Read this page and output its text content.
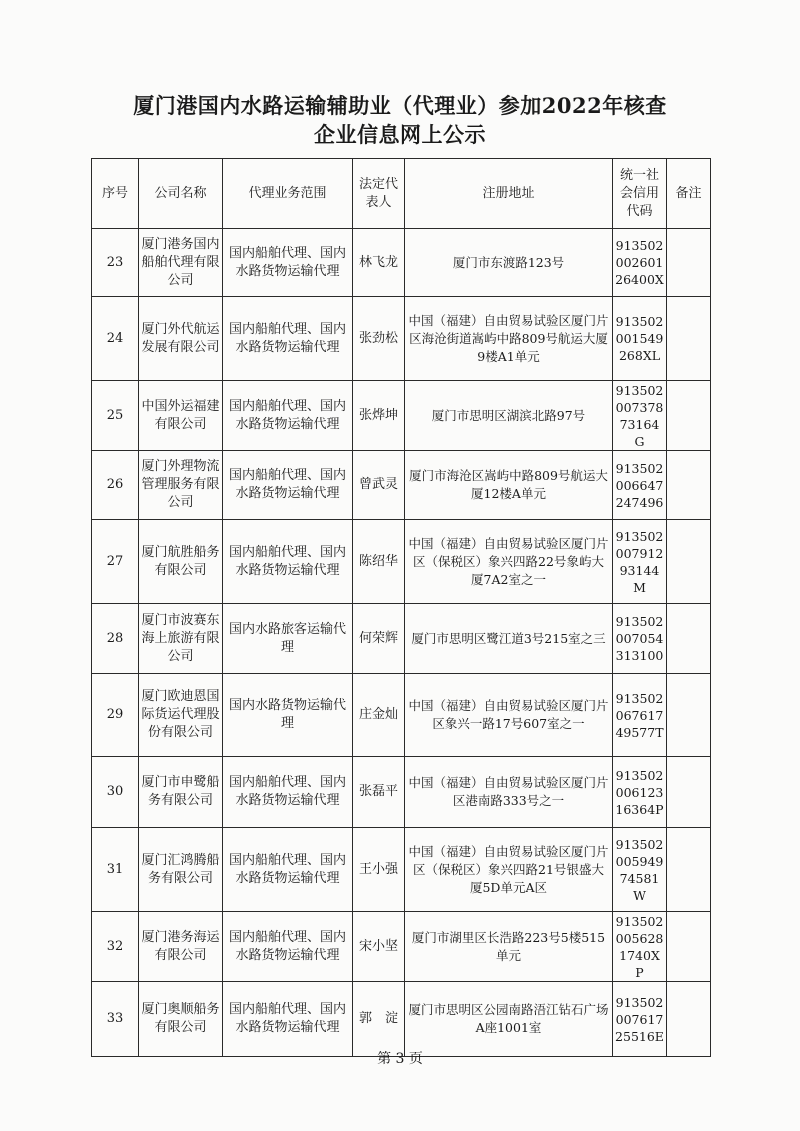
厦门港国内水路运输辅助业（代理业）参加2022年核查
企业信息网上公示
序号	公司名称	代理业务范围	法定代表人	注册地址	统一社会信用代码	备注
23	厦门港务国内船舶代理有限公司	国内船舶代理、国内水路货物运输代理	林飞龙	厦门市东渡路123号	91350200260126400X	
24	厦门外代航运发展有限公司	国内船舶代理、国内水路货物运输代理	张劲松	中国（福建）自由贸易试验区厦门片区海沧街道嵩屿中路809号航运大厦9楼A1单元	913502001549268XL	
25	中国外运福建有限公司	国内船舶代理、国内水路货物运输代理	张烨坤	厦门市思明区湖滨北路97号	91350200737873164G	
26	厦门外理物流管理服务有限公司	国内船舶代理、国内水路货物运输代理	曾武灵	厦门市海沧区嵩屿中路809号航运大厦12楼A单元	913502006647247496	
27	厦门航胜船务有限公司	国内船舶代理、国内水路货物运输代理	陈绍华	中国（福建）自由贸易试验区厦门片区（保税区）象兴四路22号象屿大厦7A2室之一	91350200791293144M	
28	厦门市波赛东海上旅游有限公司	国内水路旅客运输代理	何荣辉	厦门市思明区鹭江道3号215室之三	913502007054313100	
29	厦门欧迪恩国际货运代理股份有限公司	国内水路货物运输代理	庄金灿	中国（福建）自由贸易试验区厦门片区象兴一路17号607室之一	91350206761749577T	
30	厦门市申鹭船务有限公司	国内船舶代理、国内水路货物运输代理	张磊平	中国（福建）自由贸易试验区厦门片区港南路333号之一	91350200612316364P	
31	厦门汇鸿腾船务有限公司	国内船舶代理、国内水路货物运输代理	王小强	中国（福建）自由贸易试验区厦门片区（保税区）象兴四路21号银盛大厦5D单元A区	91350200594974581W	
32	厦门港务海运有限公司	国内船舶代理、国内水路货物运输代理	宋小坚	厦门市湖里区长浩路223号5楼515单元	9135020056281740XP	
33	厦门奥顺船务有限公司	国内船舶代理、国内水路货物运输代理	郭　淀	厦门市思明区公园南路浯江钻石广场A座1001室	91350200761725516E	
第 3 页
